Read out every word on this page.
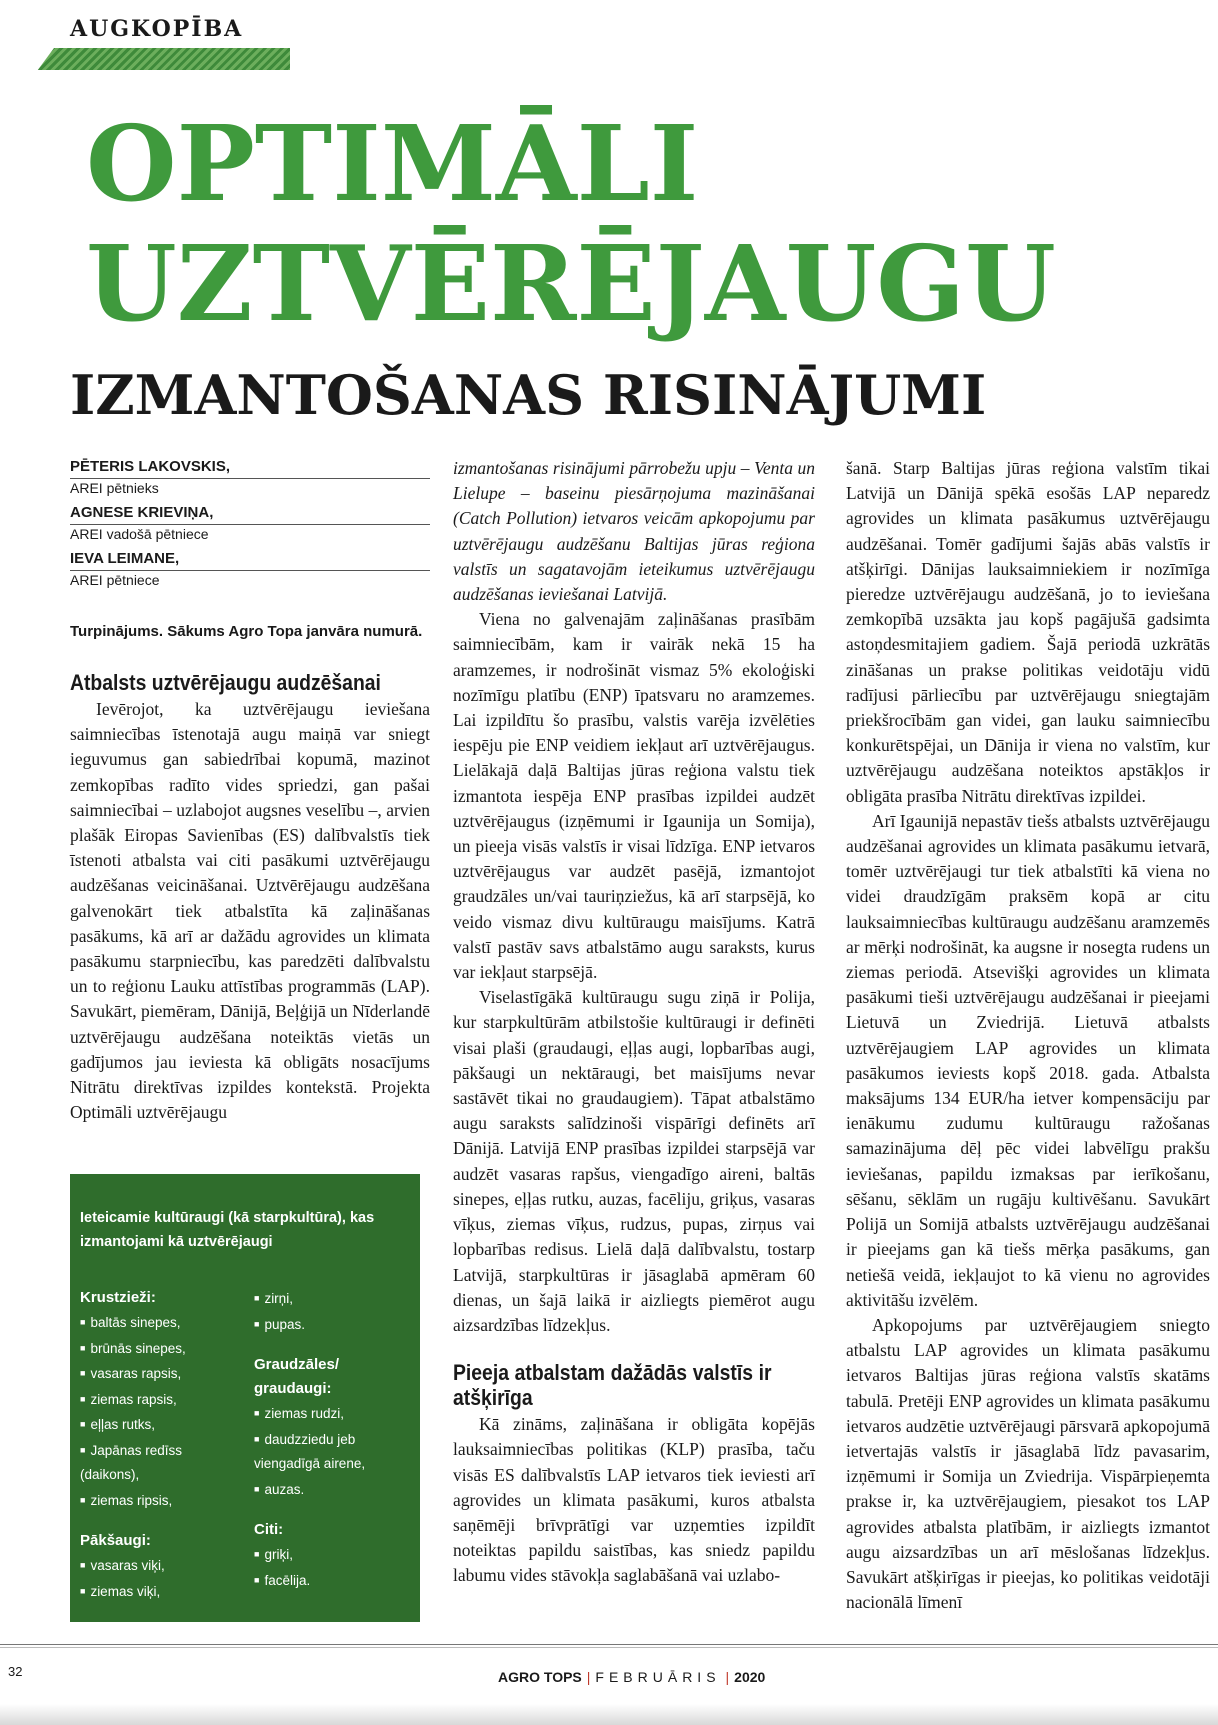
AUGKOPĪBA
OPTIMĀLI
UZTVĒRĒJAUGU
IZMANTOŠANAS RISINĀJUMI
PĒTERIS LAKOVSKIS,
AREI pētnieks
AGNESE KRIEVIŅA,
AREI vadošā pētniece
IEVA LEIMANE,
AREI pētniece
Turpinājums. Sākums Agro Topa janvāra numurā.
Atbalsts uztvērējaugu audzēšanai

Ievērojot, ka uztvērējaugu ieviešana saimniecības īstenotajā augu maiņā var sniegt ieguvumus gan sabiedrībai kopumā, mazinot zemkopības radīto vides spriedzi, gan pašai saimniecībai – uzlabojot augsnes veselību –, arvien plašāk Eiropas Savienības (ES) dalībvalstīs tiek īstenoti atbalsta vai citi pasākumi uztvērējaugu audzēšanas veicināšanai. Uztvērējaugu audzēšana galvenokārt tiek atbalstīta kā zaļināšanas pasākums, kā arī ar dažādu agrovides un klimata pasākumu starpniecību, kas paredzēti dalībvalstu un to reģionu Lauku attīstības programmās (LAP). Savukārt, piemēram, Dānijā, Beļģijā un Nīderlandē uztvērējaugu audzēšana noteiktās vietās un gadījumos jau ieviesta kā obligāts nosacījums Nitrātu direktīvas izpildes kontekstā. Projekta Optimāli uztvērējaugu

Ieteicamie kultūraugi (kā starpkultūra), kas izmantojami kā uztvērējaugi
Krustzieži:
■ baltās sinepes,
■ brūnās sinepes,
■ vasaras rapsis,
■ ziemas rapsis,
■ eļļas rutks,
■ Japānas redīss (daikons),
■ ziemas ripsis,
Pākšaugi:
■ vasaras viķi,
■ ziemas viķi,
■ zirņi,
■ pupas.
Graudzāles/ graudaugi:
■ ziemas rudzi,
■ daudzziedu jeb viengadīgā airene,
■ auzas.
Citi:
■ griķi,
■ facēlija.

izmantošanas risinājumi pārrobežu upju – Venta un Lielupe – baseinu piesārņojuma mazināšanai (Catch Pollution) ietvaros veicām apkopojumu par uztvērējaugu audzēšanu Baltijas jūras reģiona valstīs un sagatavojām ieteikumus uztvērējaugu audzēšanas ieviešanai Latvijā.

Viena no galvenajām zaļināšanas prasībām saimniecībām, kam ir vairāk nekā 15 ha aramzemes, ir nodrošināt vismaz 5% ekoloģiski nozīmīgu platību (ENP) īpatsvaru no aramzemes. Lai izpildītu šo prasību, valstis varēja izvēlēties iespēju pie ENP veidiem iekļaut arī uztvērējaugus. Lielākajā daļā Baltijas jūras reģiona valstu tiek izmantota iespēja ENP prasības izpildei audzēt uztvērējaugus (izņēmumi ir Igaunija un Somija), un pieeja visās valstīs ir visai līdzīga. ENP ietvaros uztvērējaugus var audzēt pasējā, izmantojot graudzāles un/vai tauriņziežus, kā arī starpsējā, ko veido vismaz divu kultūraugu maisījums. Katrā valstī pastāv savs atbalstāmo augu saraksts, kurus var iekļaut starpsējā.

Viselastīgākā kultūraugu sugu ziņā ir Polija, kur starpkultūrām atbilstošie kultūraugi ir definēti visai plaši (graudaugi, eļļas augi, lopbarības augi, pākšaugi un nektāraugi, bet maisījums nevar sastāvēt tikai no graudaugiem). Tāpat atbalstāmo augu saraksts salīdzinoši vispārīgi definēts arī Dānijā. Latvijā ENP prasības izpildei starpsējā var audzēt vasaras rapšus, viengadīgo aireni, baltās sinepes, eļļas rutku, auzas, facēliju, griķus, vasaras vīķus, ziemas vīķus, rudzus, pupas, zirņus vai lopbarības redisus. Lielā daļā dalībvalstu, tostarp Latvijā, starpkultūras ir jāsaglabā apmēram 60 dienas, un šajā laikā ir aizliegts piemērot augu aizsardzības līdzekļus.

Pieeja atbalstam dažādās valstīs ir atšķirīga

Kā zināms, zaļināšana ir obligāta kopējās lauksaimniecības politikas (KLP) prasība, taču visās ES dalībvalstīs LAP ietvaros tiek ieviesti arī agrovides un klimata pasākumi, kuros atbalsta saņēmēji brīvprātīgi var uzņemties izpildīt noteiktas papildu saistības, kas sniedz papildu labumu vides stāvokļa saglabāšanā vai uzlabo-

šanā. Starp Baltijas jūras reģiona valstīm tikai Latvijā un Dānijā spēkā esošās LAP neparedz agrovides un klimata pasākumus uztvērējaugu audzēšanai. Tomēr gadījumi šajās abās valstīs ir atšķirīgi. Dānijas lauksaimniekiem ir nozīmīga pieredze uztvērējaugu audzēšanā, jo to ieviešana zemkopībā uzsākta jau kopš pagājušā gadsimta astoņdesmitajiem gadiem. Šajā periodā uzkrātās zināšanas un prakse politikas veidotāju vidū radījusi pārliecību par uztvērējaugu sniegtajām priekšrocībām gan videi, gan lauku saimniecību konkurētspējai, un Dānija ir viena no valstīm, kur uztvērējaugu audzēšana noteiktos apstākļos ir obligāta prasība Nitrātu direktīvas izpildei.

Arī Igaunijā nepastāv tiešs atbalsts uztvērējaugu audzēšanai agrovides un klimata pasākumu ietvarā, tomēr uztvērējaugi tur tiek atbalstīti kā viena no videi draudzīgām praksēm kopā ar citu lauksaimniecības kultūraugu audzēšanu aramzemēs ar mērķi nodrošināt, ka augsne ir nosegta rudens un ziemas periodā. Atsevišķi agrovides un klimata pasākumi tieši uztvērējaugu audzēšanai ir pieejami Lietuvā un Zviedrijā. Lietuvā atbalsts uztvērējaugiem LAP agrovides un klimata pasākumos ieviests kopš 2018. gada. Atbalsta maksājums 134 EUR/ha ietver kompensāciju par ienākumu zudumu kultūraugu ražošanas samazinājuma dēļ pēc videi labvēlīgu prakšu ieviešanas, papildu izmaksas par ierīkošanu, sēšanu, sēklām un rugāju kultivēšanu. Savukārt Polijā un Somijā atbalsts uztvērējaugu audzēšanai ir pieejams gan kā tiešs mērķa pasākums, gan netiešā veidā, iekļaujot to kā vienu no agrovides aktivitāšu izvēlēm.

Apkopojums par uztvērējaugiem sniegto atbalstu LAP agrovides un klimata pasākumu ietvaros Baltijas jūras reģiona valstīs skatāms tabulā. Pretēji ENP agrovides un klimata pasākumu ietvaros audzētie uztvērējaugi pārsvarā apkopojumā ietvertajās valstīs ir jāsaglabā līdz pavasarim, izņēmumi ir Somija un Zviedrija. Vispārpieņemta prakse ir, ka uztvērējaugiem, piesakot tos LAP agrovides atbalsta platībām, ir aizliegts izmantot augu aizsardzības un arī mēslošanas līdzekļus. Savukārt atšķirīgas ir pieejas, ko politikas veidotāji nacionālā līmenī

32	AGRO TOPS | FEBRUĀRIS | 2020
